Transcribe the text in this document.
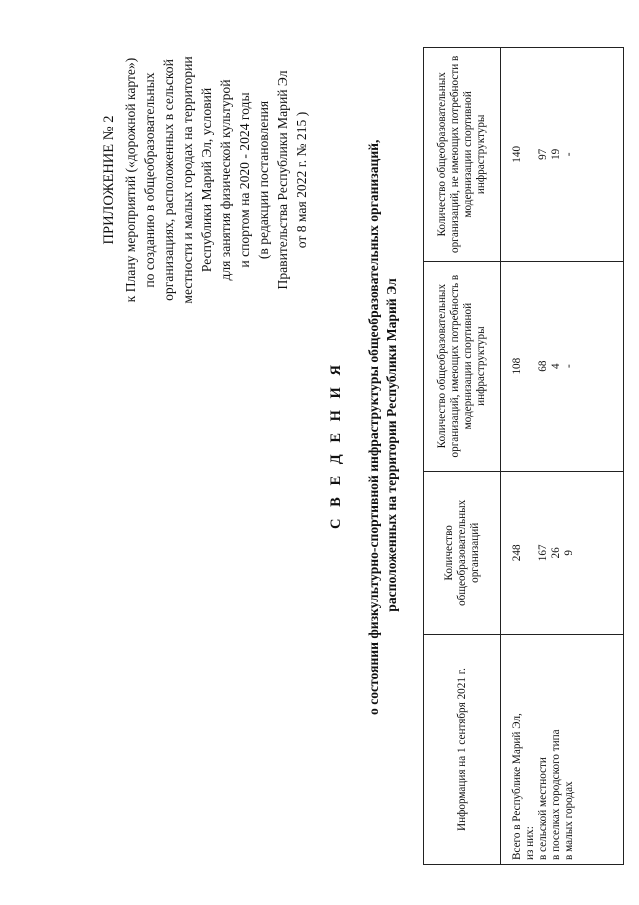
ПРИЛОЖЕНИЕ № 2 к Плану мероприятий («дорожной карте») по созданию в общеобразовательных организациях, расположенных в сельской местности и малых городах на территории Республики Марий Эл, условий для занятия физической культурой и спортом на 2020 - 2024 годы (в редакции постановления Правительства Республики Марий Эл от 8 мая 2022 г. № 215 )
С В Е Д Е Н И Я о состоянии физкультурно-спортивной инфраструктуры общеобразовательных организаций, расположенных на территории Республики Марий Эл
Информация на 1 сентября 2021 г.	Количество общеобразовательных организаций	Количество общеобразовательных организаций, имеющих потребность в модернизации спортивной инфраструктуры	Количество общеобразовательных организаций, не имеющих потребности в модернизации спортивной инфраструктуры

Всего в Республике Марий Эл, из них: в сельской местности в поселках городского типа в малых городах	248 167 26 9	108 68 4 -	140 97 19 -
